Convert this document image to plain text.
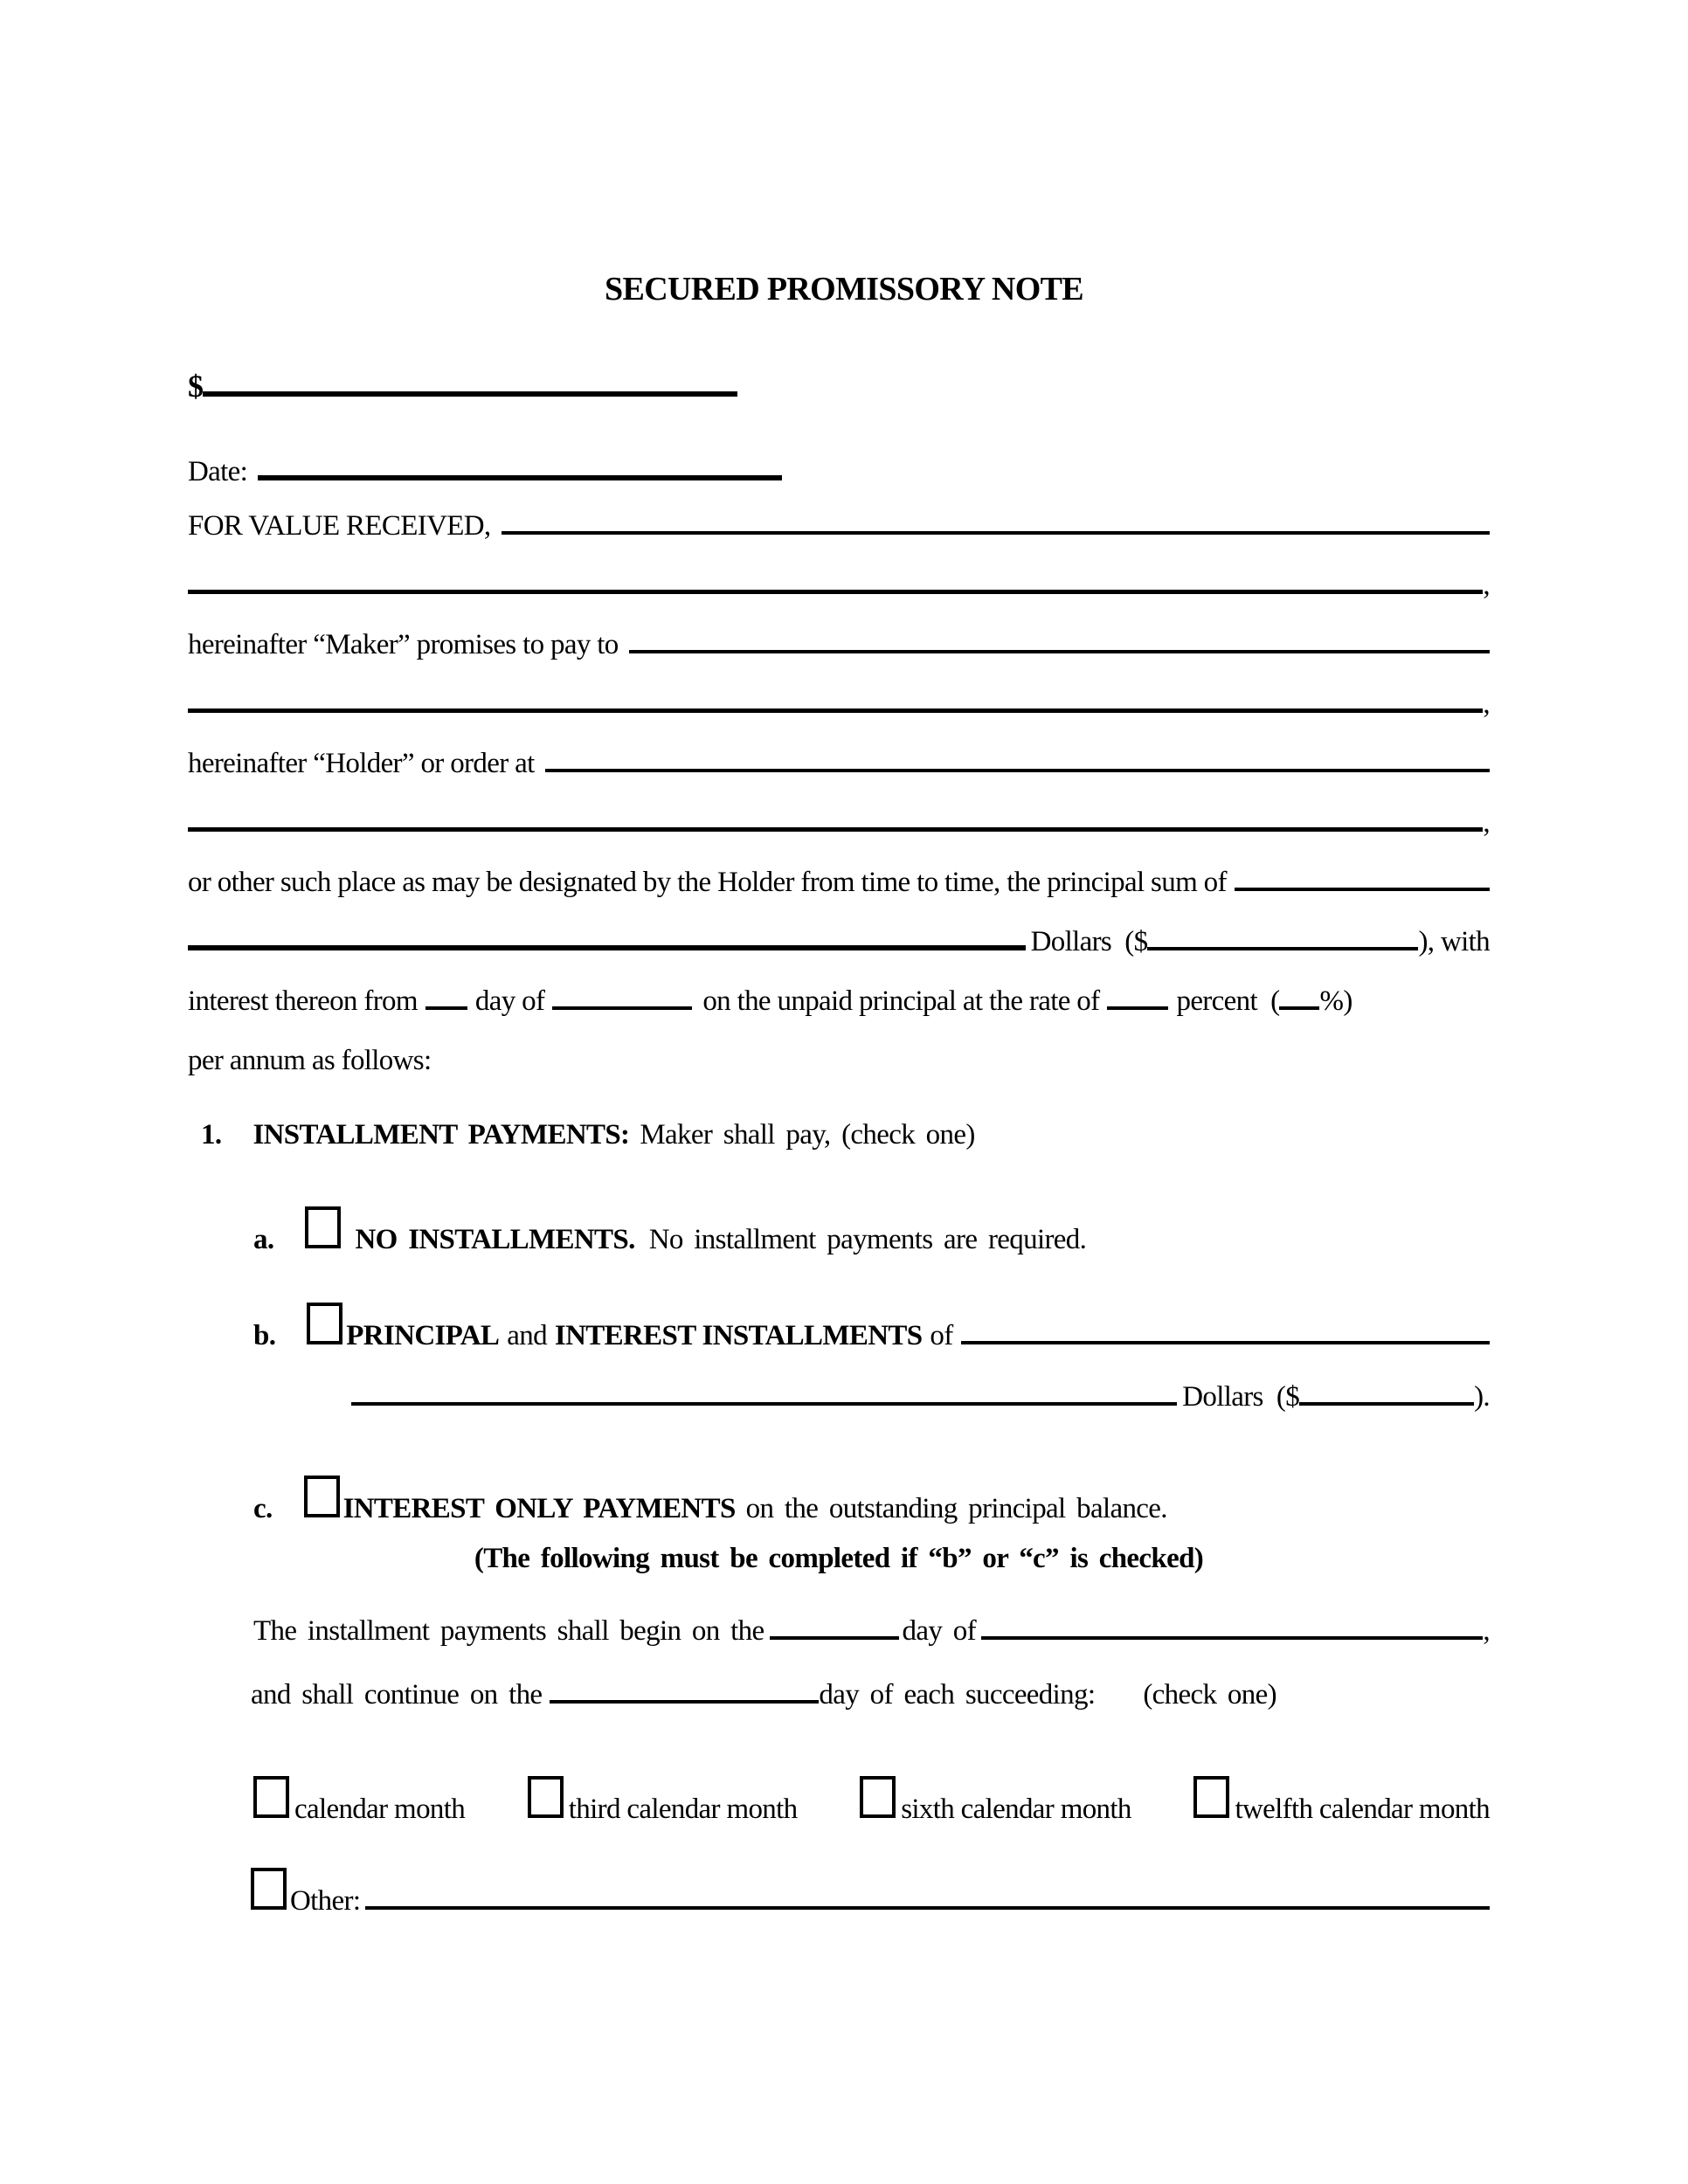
SECURED PROMISSORY NOTE
$
Date:
FOR VALUE RECEIVED,
,
hereinafter “Maker” promises to pay to
,
hereinafter “Holder” or order at
,
or other such place as may be designated by the Holder from time to time, the principal sum of
Dollars  ($	), with
interest thereon from day of	on the unpaid principal at the rate of	percent  ( %)
per annum as follows:
1. INSTALLMENT PAYMENTS: Maker shall pay, (check one)
a.	NO INSTALLMENTS. No installment payments are required.
b. PRINCIPAL and INTEREST INSTALLMENTS of
Dollars  ($	).
c. INTEREST ONLY PAYMENTS on the outstanding principal balance.
(The following must be completed if “b” or “c” is checked)
The installment payments shall begin on the	day of	,
and shall continue on the	day of each succeeding: (check one)
calendar month	third calendar month	sixth calendar month	twelfth calendar month
Other:
